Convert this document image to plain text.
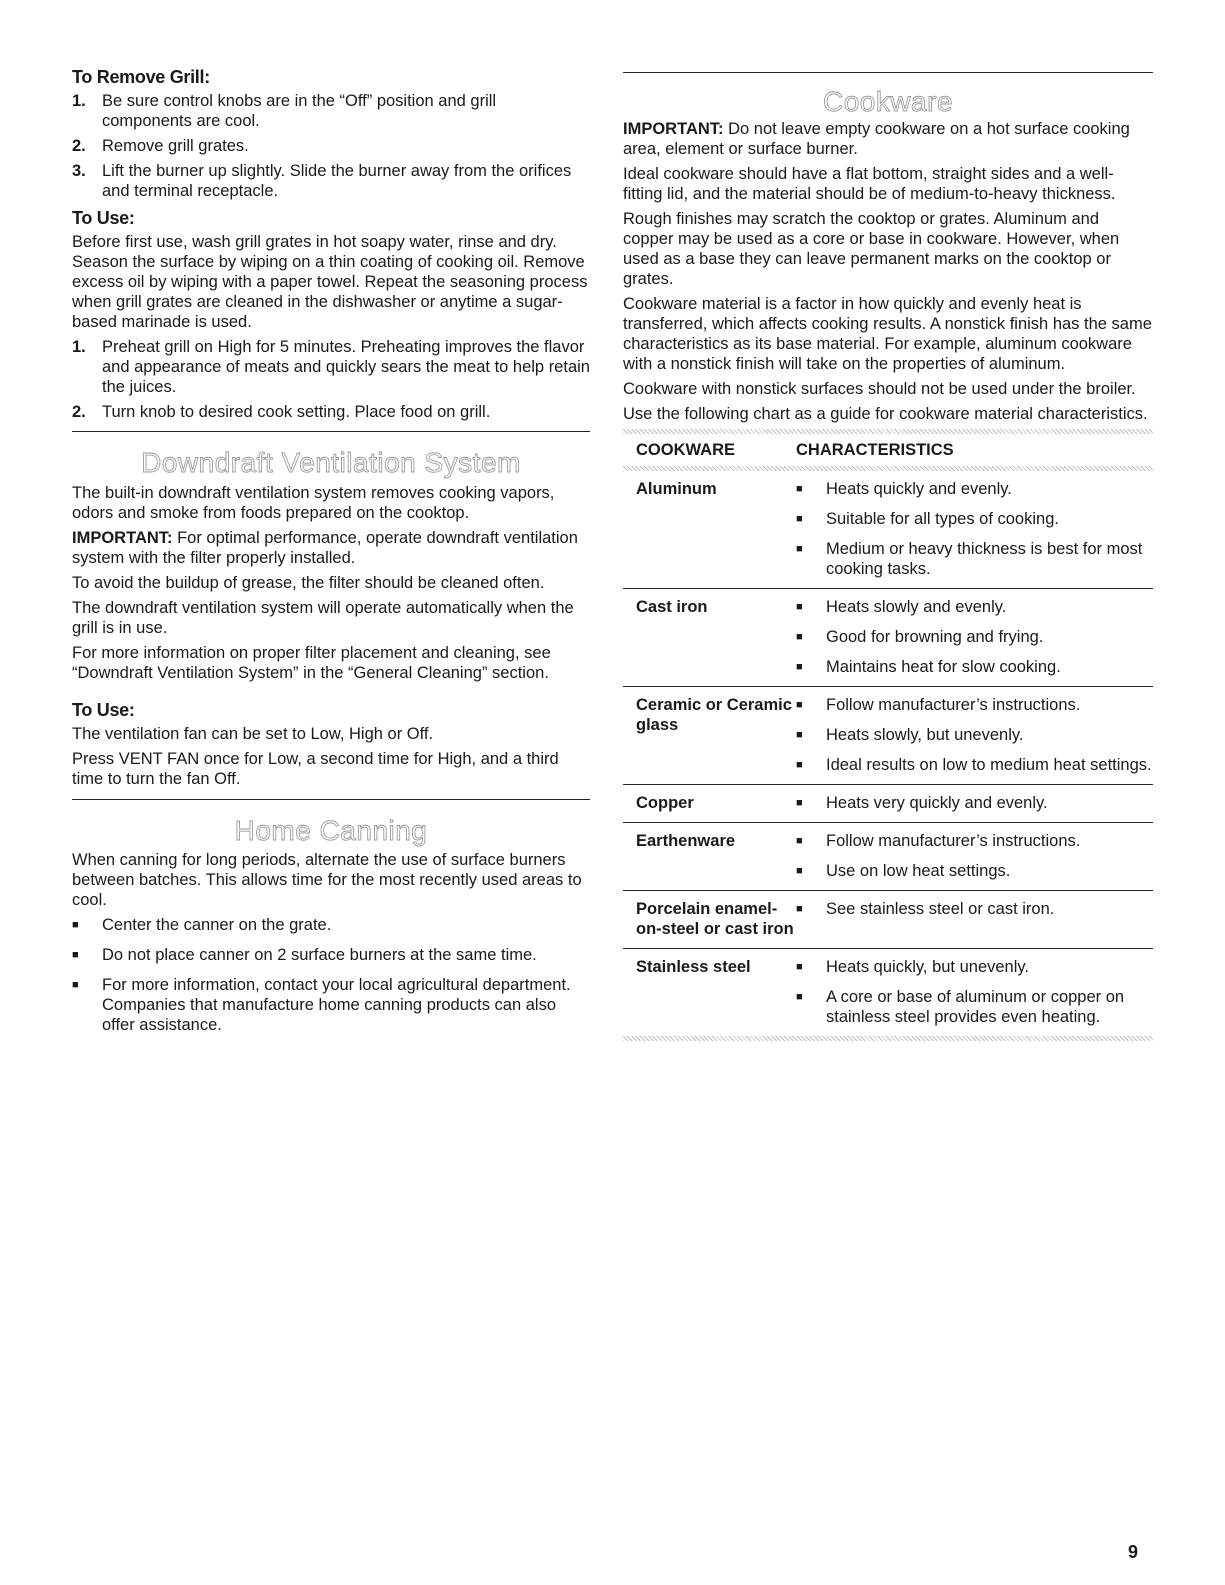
To Remove Grill:
1. Be sure control knobs are in the “Off” position and grill components are cool.
2. Remove grill grates.
3. Lift the burner up slightly. Slide the burner away from the orifices and terminal receptacle.
To Use:

Before first use, wash grill grates in hot soapy water, rinse and dry. Season the surface by wiping on a thin coating of cooking oil. Remove excess oil by wiping with a paper towel. Repeat the seasoning process when grill grates are cleaned in the dishwasher or anytime a sugar-based marinade is used.

1. Preheat grill on High for 5 minutes. Preheating improves the flavor and appearance of meats and quickly sears the meat to help retain the juices.
2. Turn knob to desired cook setting. Place food on grill.
Downdraft Ventilation System

The built-in downdraft ventilation system removes cooking vapors, odors and smoke from foods prepared on the cooktop.

IMPORTANT: For optimal performance, operate downdraft ventilation system with the filter properly installed.

To avoid the buildup of grease, the filter should be cleaned often.

The downdraft ventilation system will operate automatically when the grill is in use.

For more information on proper filter placement and cleaning, see “Downdraft Ventilation System” in the “General Cleaning” section.

To Use:

The ventilation fan can be set to Low, High or Off.

Press VENT FAN once for Low, a second time for High, and a third time to turn the fan Off.

Home Canning

When canning for long periods, alternate the use of surface burners between batches. This allows time for the most recently used areas to cool.

■	Center the canner on the grate.
■	Do not place canner on 2 surface burners at the same time.
■	For more information, contact your local agricultural department. Companies that manufacture home canning products can also offer assistance.
Cookware

IMPORTANT: Do not leave empty cookware on a hot surface cooking area, element or surface burner.

Ideal cookware should have a flat bottom, straight sides and a well-fitting lid, and the material should be of medium-to-heavy thickness.

Rough finishes may scratch the cooktop or grates. Aluminum and copper may be used as a core or base in cookware. However, when used as a base they can leave permanent marks on the cooktop or grates.

Cookware material is a factor in how quickly and evenly heat is transferred, which affects cooking results. A nonstick finish has the same characteristics as its base material. For example, aluminum cookware with a nonstick finish will take on the properties of aluminum.

Cookware with nonstick surfaces should not be used under the broiler.

Use the following chart as a guide for cookware material characteristics.

COOKWARE	CHARACTERISTICS
Aluminum	■	Heats quickly and evenly.
■	Suitable for all types of cooking.
■	Medium or heavy thickness is best for most cooking tasks.
Cast iron	■	Heats slowly and evenly.
■	Good for browning and frying.
■	Maintains heat for slow cooking.
Ceramic or Ceramic glass
■	Follow manufacturer’s instructions.
■	Heats slowly, but unevenly.
■	Ideal results on low to medium heat settings.
Copper	■	Heats very quickly and evenly.
Earthenware	■	Follow manufacturer’s instructions.
■	Use on low heat settings.
Porcelain enamel-on-steel or cast iron
■	See stainless steel or cast iron.
Stainless steel	■	Heats quickly, but unevenly.
■	A core or base of aluminum or copper on stainless steel provides even heating.
9
